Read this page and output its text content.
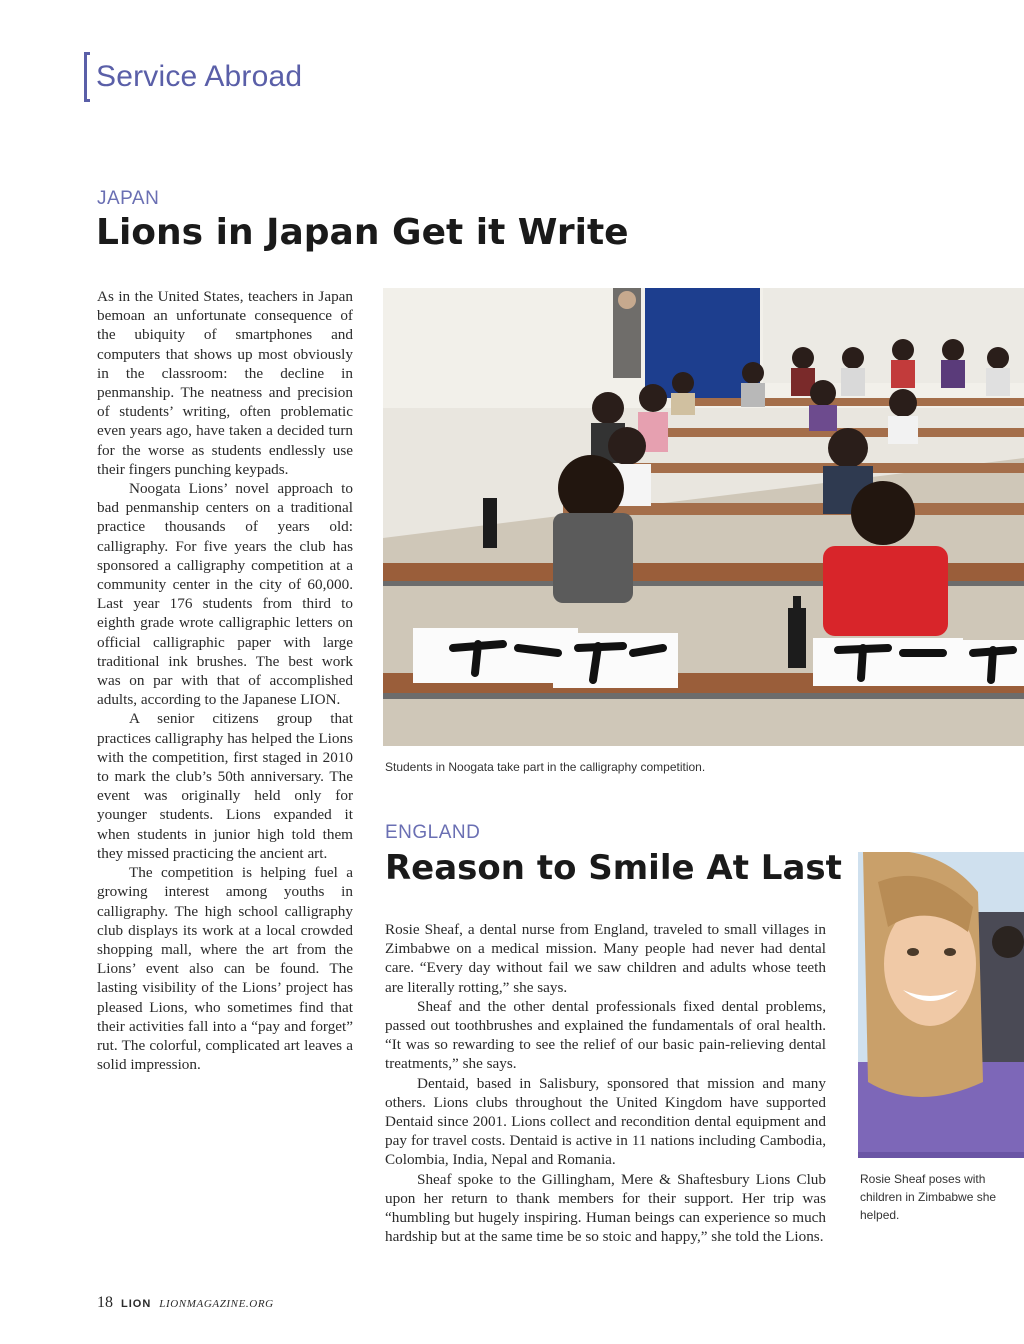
Service Abroad
JAPAN
Lions in Japan Get it Write

As in the United States, teachers in Japan bemoan an unfortunate consequence of the ubiquity of smartphones and computers that shows up most obviously in the classroom: the decline in penmanship. The neatness and precision of students’ writing, often problematic even years ago, have taken a decided turn for the worse as students endlessly use their fingers punching keypads.

Noogata Lions’ novel approach to bad penmanship centers on a traditional practice thousands of years old: calligraphy. For five years the club has sponsored a calligraphy competition at a community center in the city of 60,000. Last year 176 students from third to eighth grade wrote calligraphic letters on official calligraphic paper with large traditional ink brushes. The best work was on par with that of accomplished adults, according to the Japanese LION.

A senior citizens group that practices calligraphy has helped the Lions with the competition, first staged in 2010 to mark the club’s 50th anniversary. The event was originally held only for younger students. Lions expanded it when students in junior high told them they missed practicing the ancient art.

The competition is helping fuel a growing interest among youths in calligraphy. The high school calligraphy club displays its work at a local crowded shopping mall, where the art from the Lions’ event also can be found. The lasting visibility of the Lions’ project has pleased Lions, who sometimes find that their activities fall into a “pay and forget” rut. The colorful, complicated art leaves a solid impression.

Students in Noogata take part in the calligraphy competition.
ENGLAND
Reason to Smile At Last

Rosie Sheaf, a dental nurse from England, traveled to small villages in Zimbabwe on a medical mission. Many people had never had dental care. “Every day without fail we saw children and adults whose teeth are literally rotting,” she says.

Sheaf and the other dental professionals fixed dental problems, passed out toothbrushes and explained the fundamentals of oral health. “It was so rewarding to see the relief of our basic pain-relieving dental treatments,” she says.

Dentaid, based in Salisbury, sponsored that mission and many others. Lions clubs throughout the United Kingdom have supported Dentaid since 2001. Lions collect and recondition dental equipment and pay for travel costs. Dentaid is active in 11 nations including Cambodia, Colombia, India, Nepal and Romania.

Sheaf spoke to the Gillingham, Mere & Shaftesbury Lions Club upon her return to thank members for their support. Her trip was “humbling but hugely inspiring. Human beings can experience so much hardship but at the same time be so stoic and happy,” she told the Lions.

Rosie Sheaf poses with children in Zimbabwe she helped.
18 LION LIONMAGAZINE.ORG
